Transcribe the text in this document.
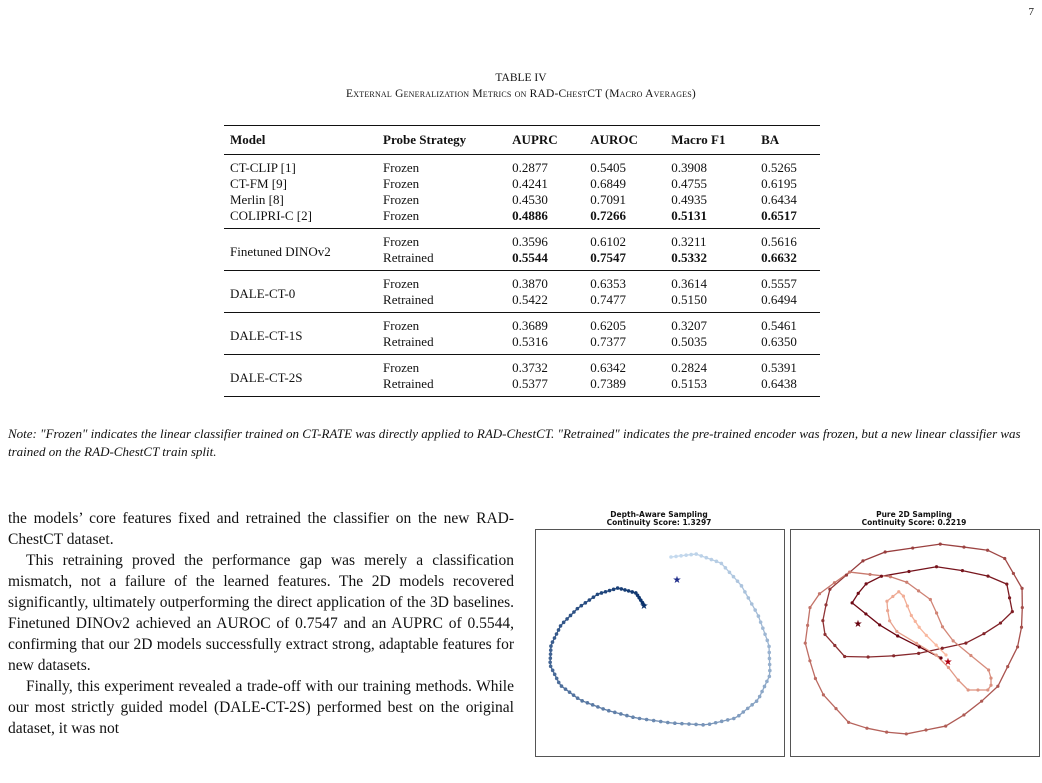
7
TABLE IV
External Generalization Metrics on RAD-ChestCT (Macro Averages)
Model	Probe Strategy	AUPRC	AUROC	Macro F1	BA
CT-CLIP [1]	Frozen	0.2877	0.5405	0.3908	0.5265
CT-FM [9]	Frozen	0.4241	0.6849	0.4755	0.6195
Merlin [8]	Frozen	0.4530	0.7091	0.4935	0.6434
COLIPRI-C [2]	Frozen	0.4886	0.7266	0.5131	0.6517
Finetuned DINOv2	Frozen	0.3596	0.6102	0.3211	0.5616
	Retrained	0.5544	0.7547	0.5332	0.6632
DALE-CT-0	Frozen	0.3870	0.6353	0.3614	0.5557
	Retrained	0.5422	0.7477	0.5150	0.6494
DALE-CT-1S	Frozen	0.3689	0.6205	0.3207	0.5461
	Retrained	0.5316	0.7377	0.5035	0.6350
DALE-CT-2S	Frozen	0.3732	0.6342	0.2824	0.5391
	Retrained	0.5377	0.7389	0.5153	0.6438
Note: "Frozen" indicates the linear classifier trained on CT-RATE was directly applied to RAD-ChestCT. "Retrained" indicates the pre-trained encoder was frozen, but a new linear classifier was trained on the RAD-ChestCT train split.

the models’ core features fixed and retrained the classifier on the new RAD-ChestCT dataset.

This retraining proved the performance gap was merely a classification mismatch, not a failure of the learned features. The 2D models recovered significantly, ultimately outperforming the direct application of the 3D baselines. Finetuned DINOv2 achieved an AUROC of 0.7547 and an AUPRC of 0.5544, confirming that our 2D models successfully extract strong, adaptable features for new datasets.

Finally, this experiment revealed a trade-off with our training methods. While our most strictly guided model (DALE-CT-2S) performed best on the original dataset, it was not

Depth-Aware Sampling
Continuity Score: 1.3297
Pure 2D Sampling
Continuity Score: 0.2219
★
★
★
★
